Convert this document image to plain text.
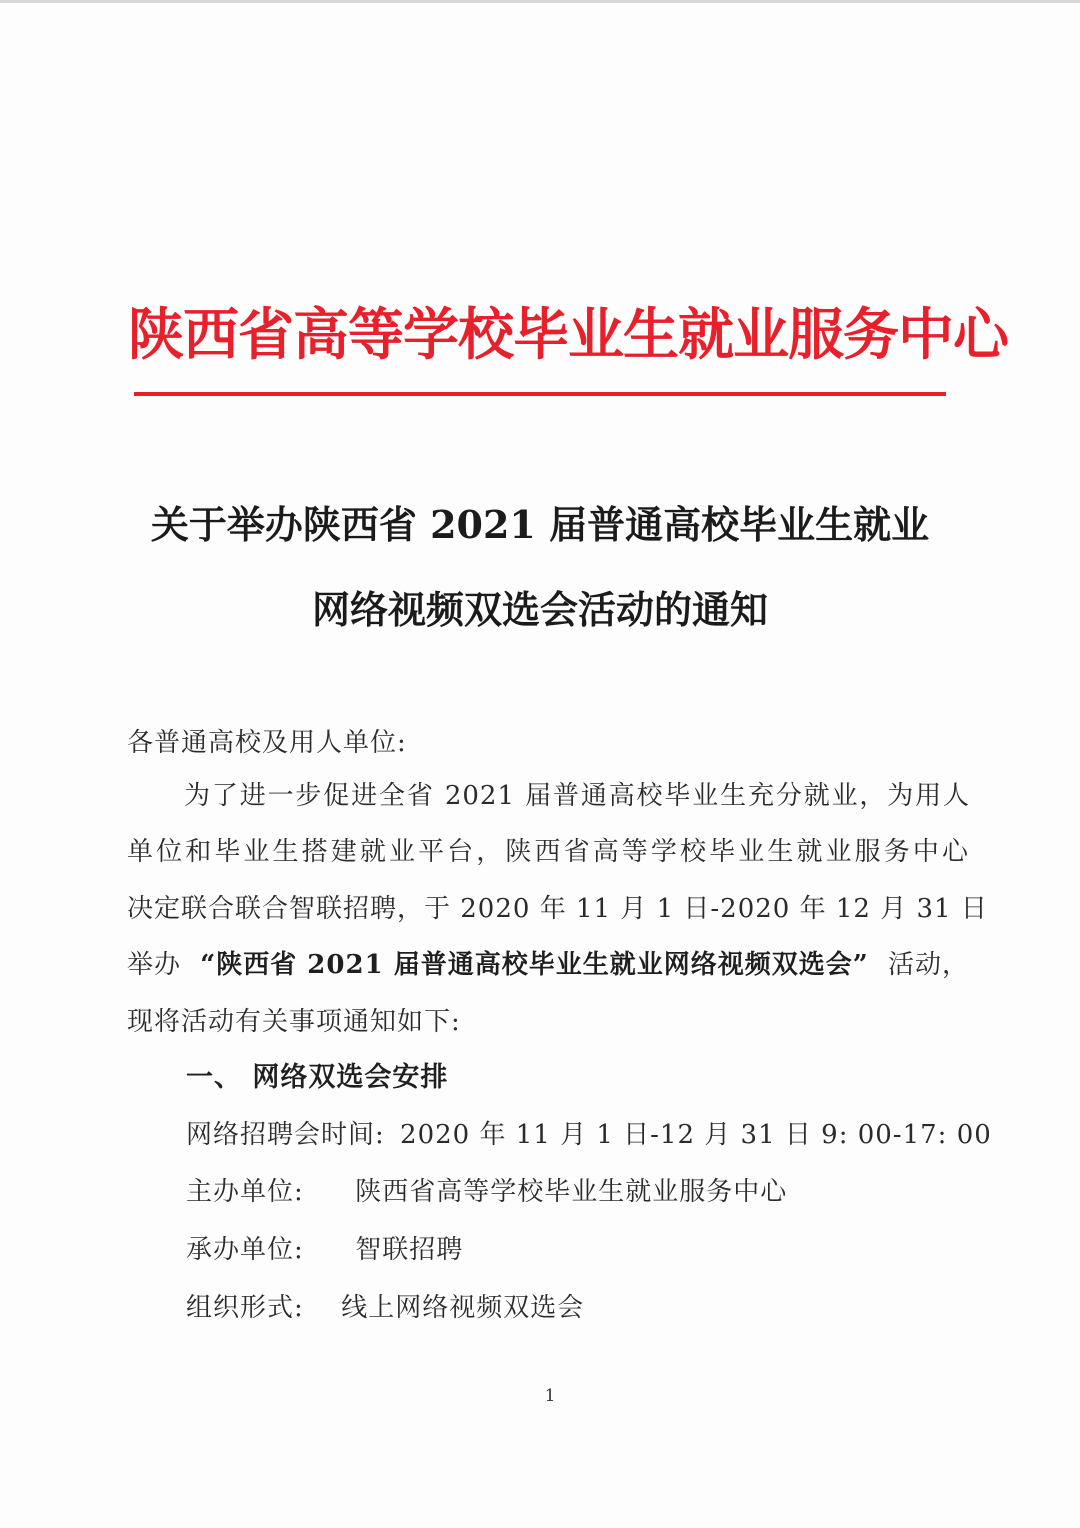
陕西省高等学校毕业生就业服务中心
关于举办陕西省 2021 届普通高校毕业生就业
网络视频双选会活动的通知
各普通高校及用人单位:
为了进一步促进全省 2021 届普通高校毕业生充分就业，为用人
单位和毕业生搭建就业平台，陕西省高等学校毕业生就业服务中心
决定联合联合智联招聘，于 2020 年 11 月 1 日-2020 年 12 月 31 日
举办 “陕西省 2021 届普通高校毕业生就业网络视频双选会” 活动，
现将活动有关事项通知如下:
一、 网络双选会安排
网络招聘会时间: 2020 年 11 月 1 日-12 月 31 日 9: 00-17: 00
主办单位: 陕西省高等学校毕业生就业服务中心
承办单位: 智联招聘
组织形式: 线上网络视频双选会
1
